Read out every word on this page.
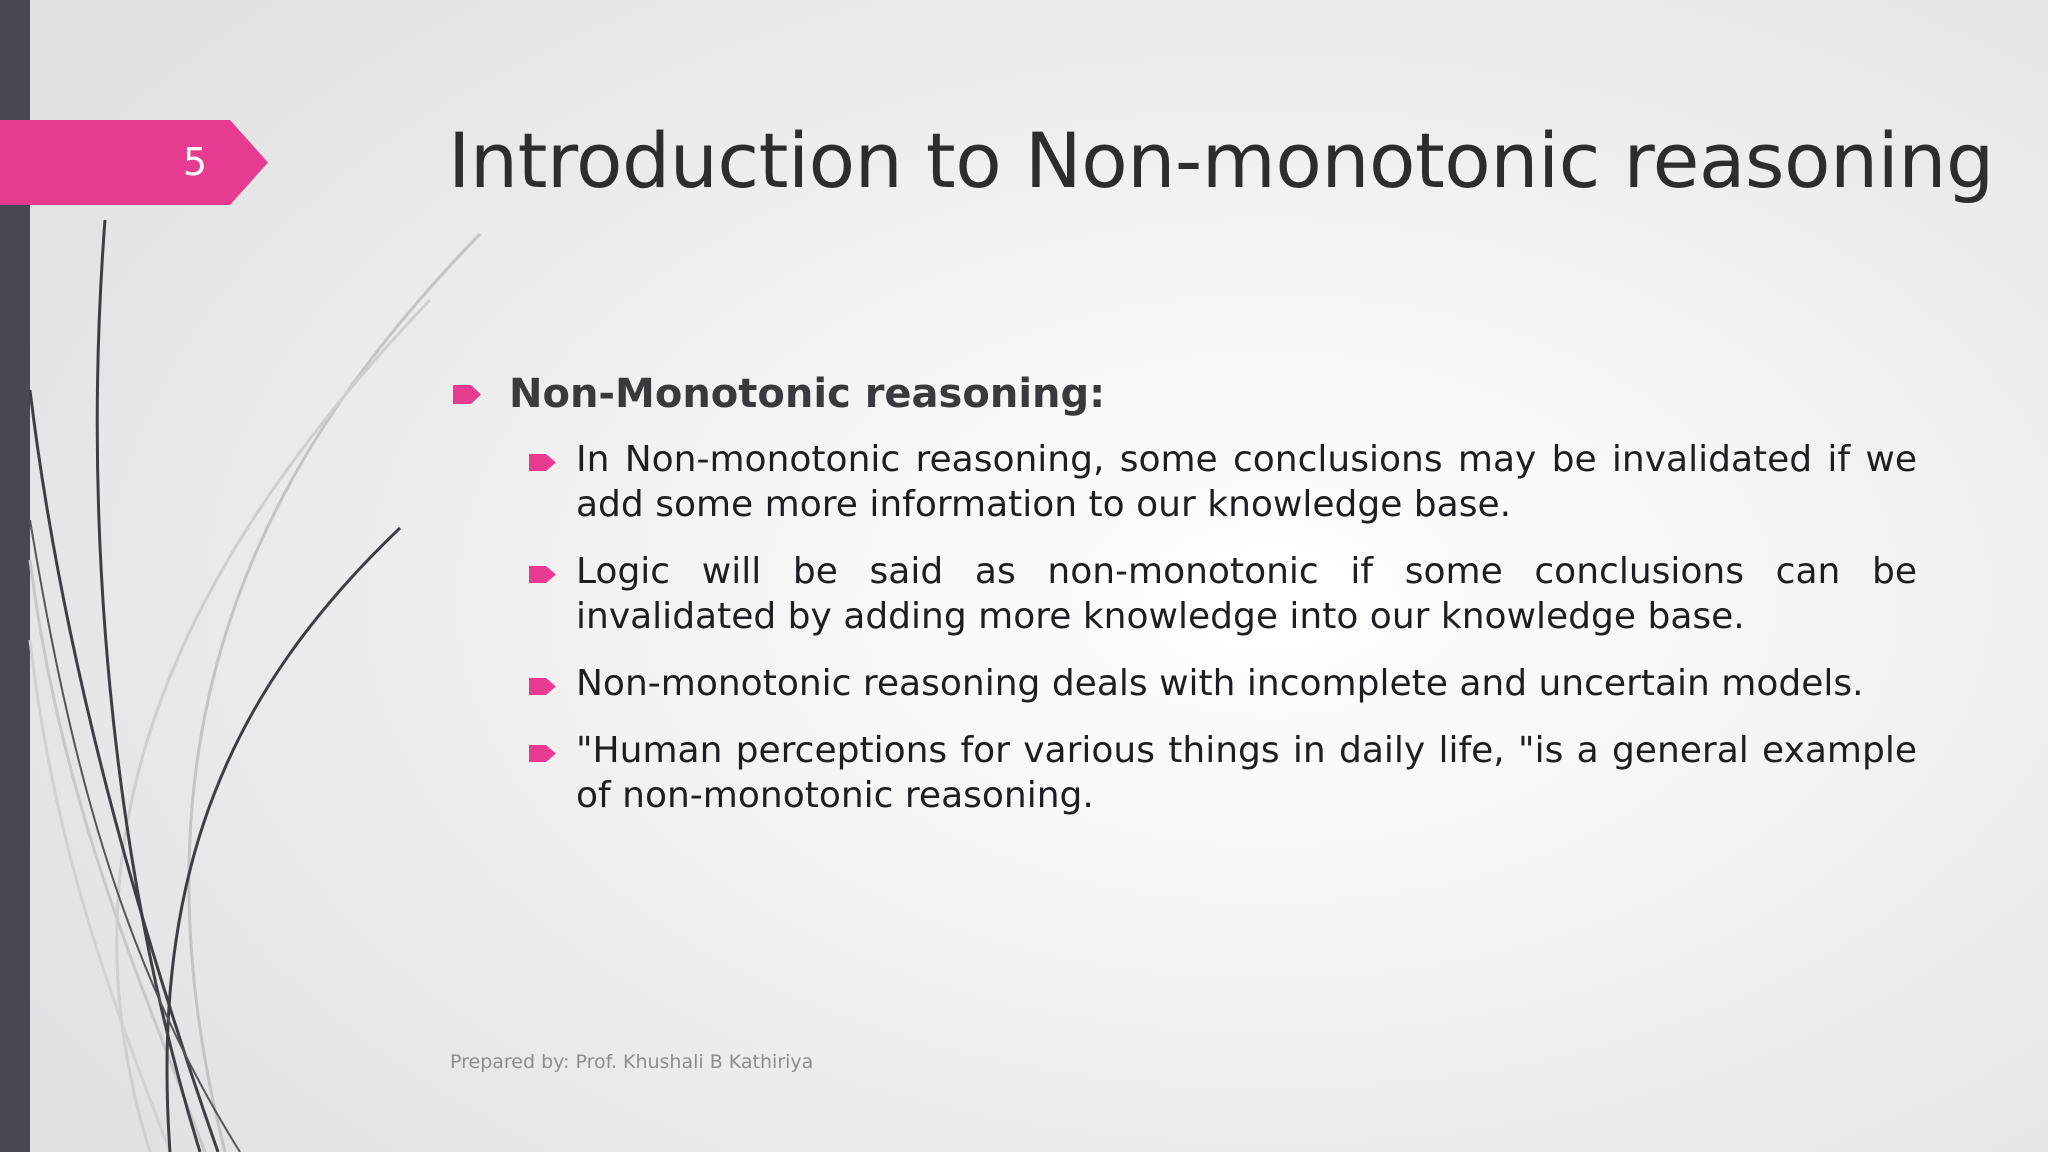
5	Introduction to Non-monotonic reasoning
Non-Monotonic reasoning:
In Non-monotonic reasoning, some conclusions may be invalidated if we add some more information to our knowledge base.
Logic will be said as non-monotonic if some conclusions can be invalidated by adding more knowledge into our knowledge base.
Non-monotonic reasoning deals with incomplete and uncertain models.
"Human perceptions for various things in daily life, "is a general example of non-monotonic reasoning.
Prepared by: Prof. Khushali B Kathiriya
